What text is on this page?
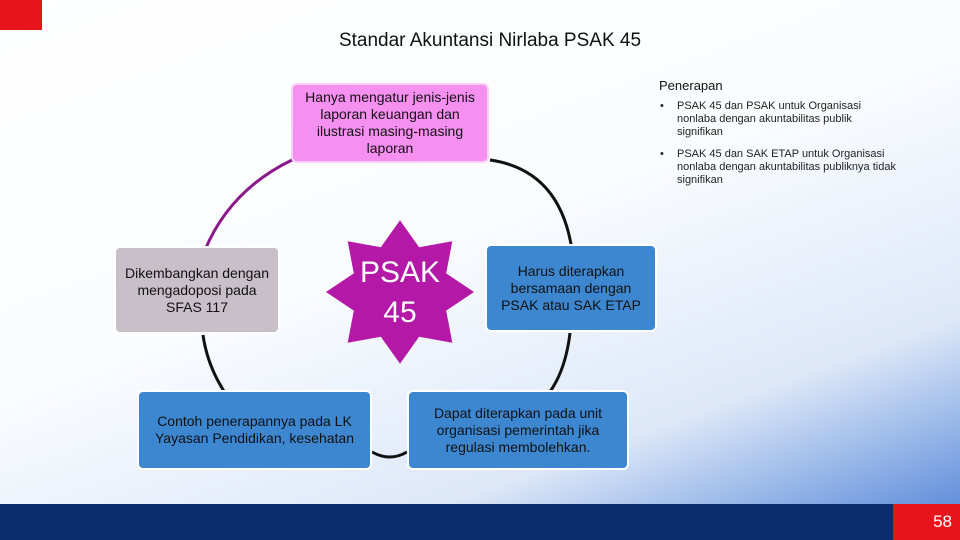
Standar Akuntansi Nirlaba PSAK 45
Hanya mengatur jenis-jenis laporan keuangan dan ilustrasi masing-masing laporan
Dikembangkan dengan mengadoposi pada SFAS 117
Harus diterapkan bersamaan dengan PSAK atau SAK ETAP
Contoh penerapannya pada LK Yayasan Pendidikan, kesehatan
Dapat diterapkan pada unit organisasi pemerintah jika regulasi membolehkan.
PSAK
45
Penerapan
• PSAK 45 dan PSAK untuk Organisasi nonlaba dengan akuntabilitas publik signifikan
• PSAK 45 dan SAK ETAP untuk Organisasi nonlaba dengan akuntabilitas publiknya tidak signifikan
58	58
